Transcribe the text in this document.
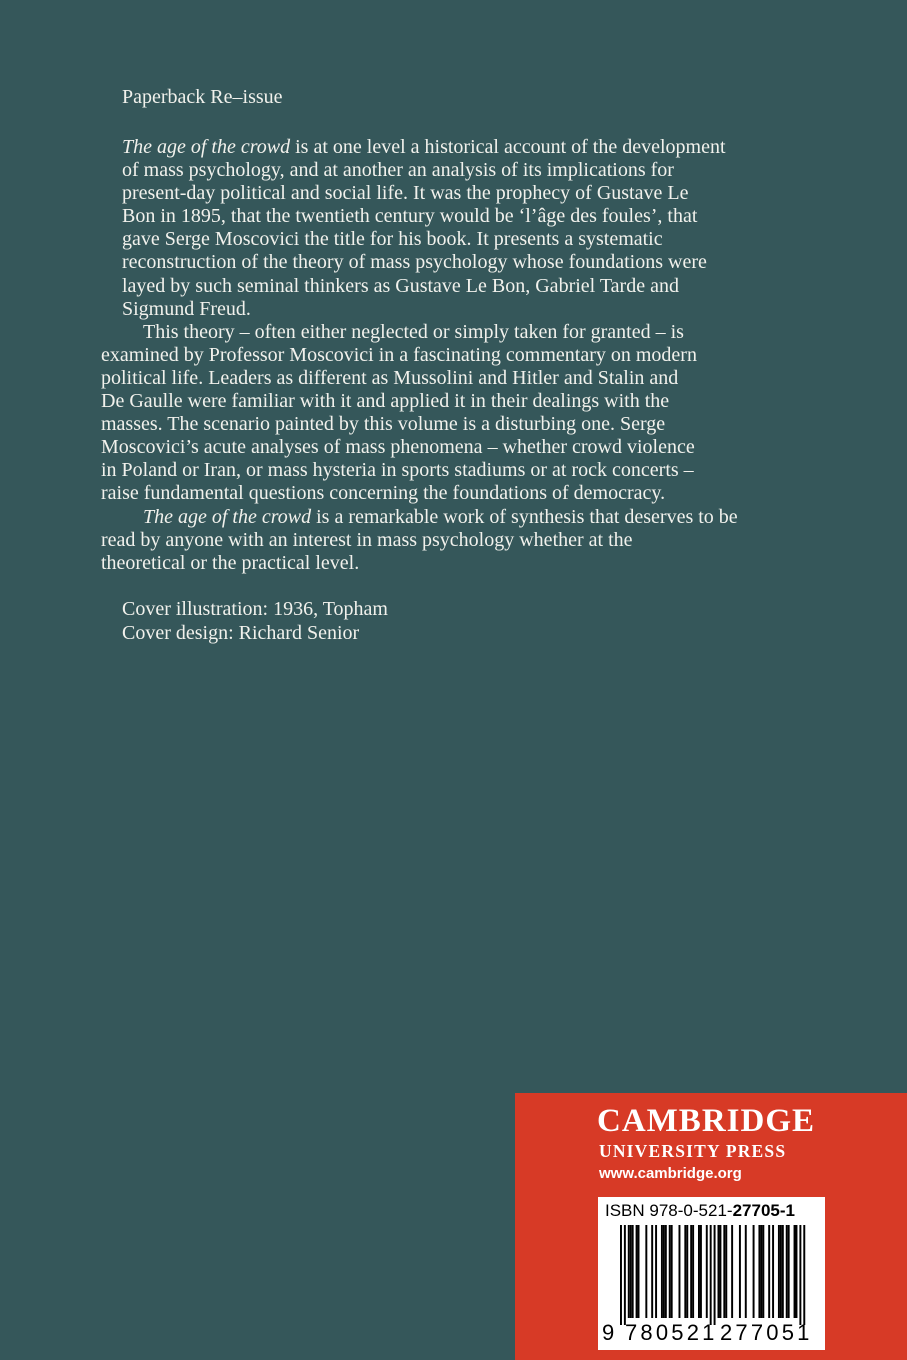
Paperback Re–issue

The age of the crowd is at one level a historical account of the development
of mass psychology, and at another an analysis of its implications for
present-day political and social life. It was the prophecy of Gustave Le
Bon in 1895, that the twentieth century would be ‘l’âge des foules’, that
gave Serge Moscovici the title for his book. It presents a systematic
reconstruction of the theory of mass psychology whose foundations were
layed by such seminal thinkers as Gustave Le Bon, Gabriel Tarde and
Sigmund Freud.

This theory – often either neglected or simply taken for granted – is
examined by Professor Moscovici in a fascinating commentary on modern
political life. Leaders as different as Mussolini and Hitler and Stalin and
De Gaulle were familiar with it and applied it in their dealings with the
masses. The scenario painted by this volume is a disturbing one. Serge
Moscovici’s acute analyses of mass phenomena – whether crowd violence
in Poland or Iran, or mass hysteria in sports stadiums or at rock concerts –
raise fundamental questions concerning the foundations of democracy.

The age of the crowd is a remarkable work of synthesis that deserves to be
read by anyone with an interest in mass psychology whether at the
theoretical or the practical level.

Cover illustration: 1936, Topham
Cover design: Richard Senior
CAMBRIDGE
UNIVERSITY PRESS
www.cambridge.org
ISBN 978-0-521-27705-1
9 780521 277051
